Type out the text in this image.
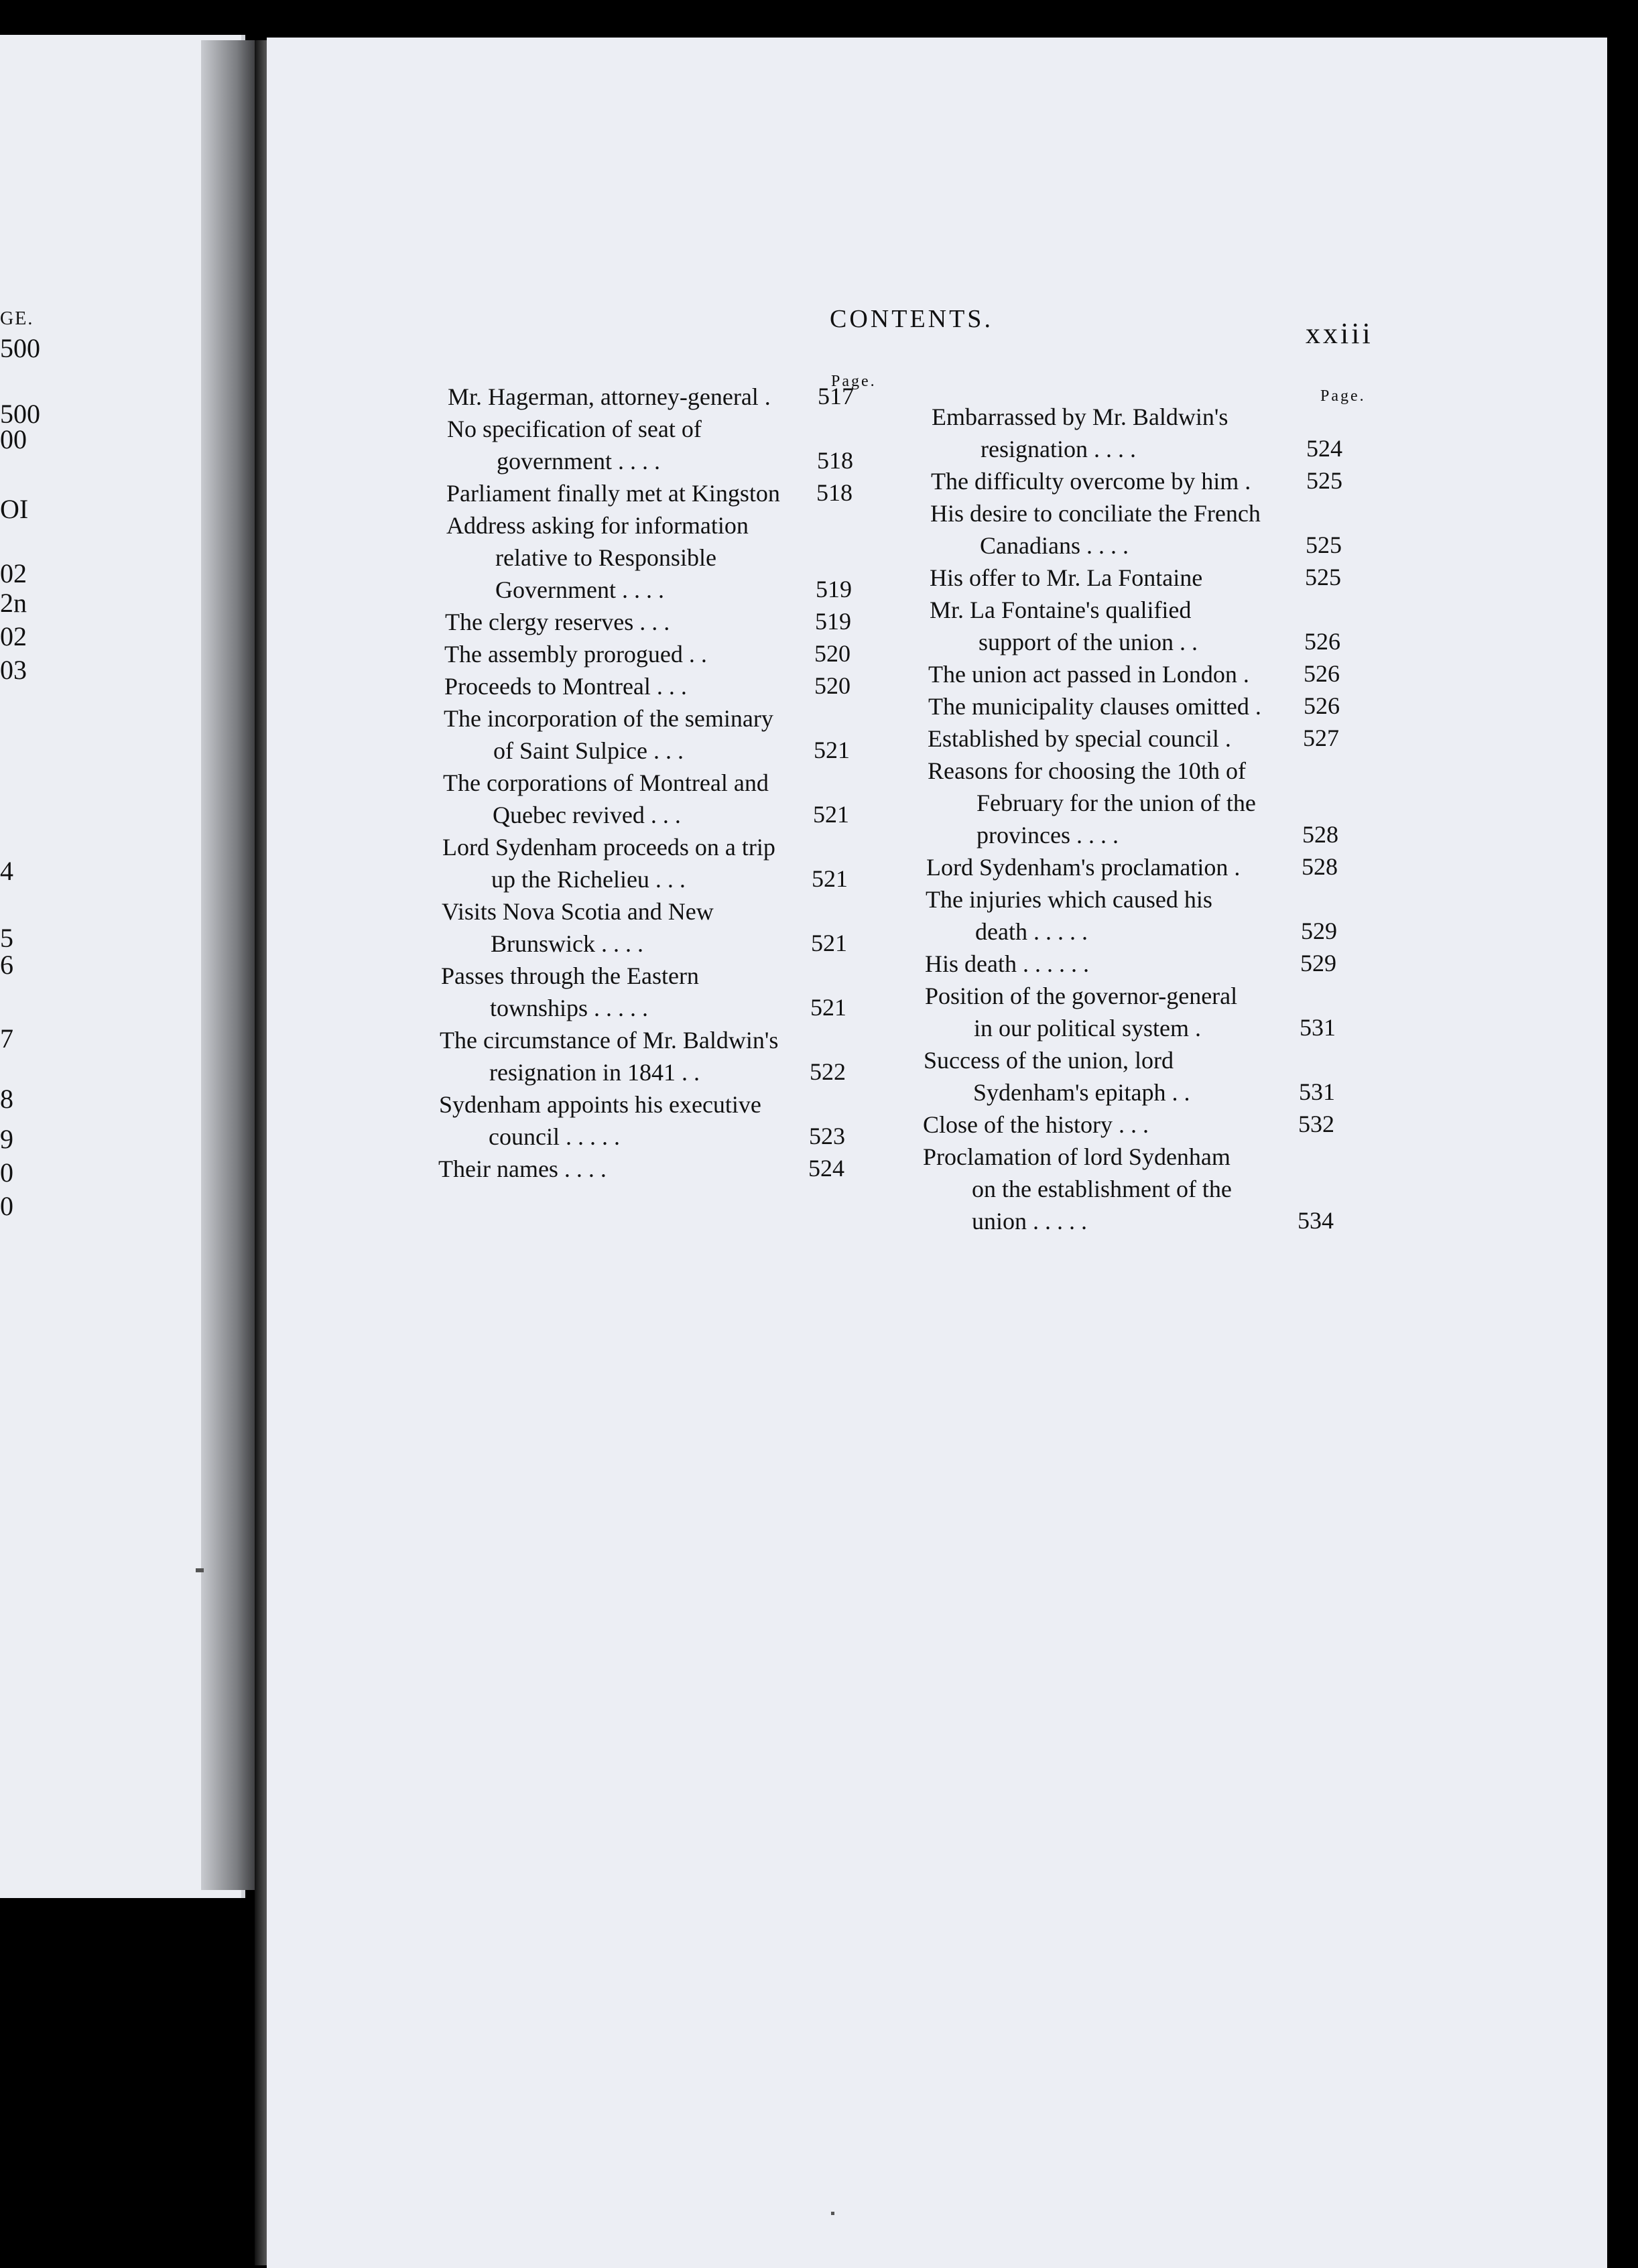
GE.
500
500
00
OI
02
2n
02
03
4
5
6
7
8
9
0
0
CONTENTS.	xxiii
Page.
Mr. Hagerman, attorney-general . 517
No specification of seat of
government . . . .	518
Parliament finally met at Kingston 518
Address asking for information
relative to Responsible
Government . . . .	519
The clergy reserves . . .	519
The assembly prorogued . .	520
Proceeds to Montreal . . .	520
The incorporation of the seminary
of Saint Sulpice . . .	521
The corporations of Montreal and
Quebec revived . . .	521
Lord Sydenham proceeds on a trip
up the Richelieu . . .	521
Visits Nova Scotia and New
Brunswick . . . .	521
Passes through the Eastern
townships . . . . .	521
The circumstance of Mr. Baldwin's
resignation in 1841 . .	522
Sydenham appoints his executive
council . . . . .	523
Their names . . . .	524
Page.
Embarrassed by Mr. Baldwin's
resignation . . . .	524
The difficulty overcome by him . 525
His desire to conciliate the French
Canadians . . . .	525
His offer to Mr. La Fontaine	525
Mr. La Fontaine's qualified
support of the union . .	526
The union act passed in London . 526
The municipality clauses omitted . 526
Established by special council .	527
Reasons for choosing the 10th of
February for the union of the
provinces . . . .	528
Lord Sydenham's proclamation .	528
The injuries which caused his
death . . . . .	529
His death . . . . . .	529
Position of the governor-general
in our political system .	531
Success of the union, lord
Sydenham's epitaph . .	531
Close of the history . . .	532
Proclamation of lord Sydenham
on the establishment of the
union . . . . .	534
